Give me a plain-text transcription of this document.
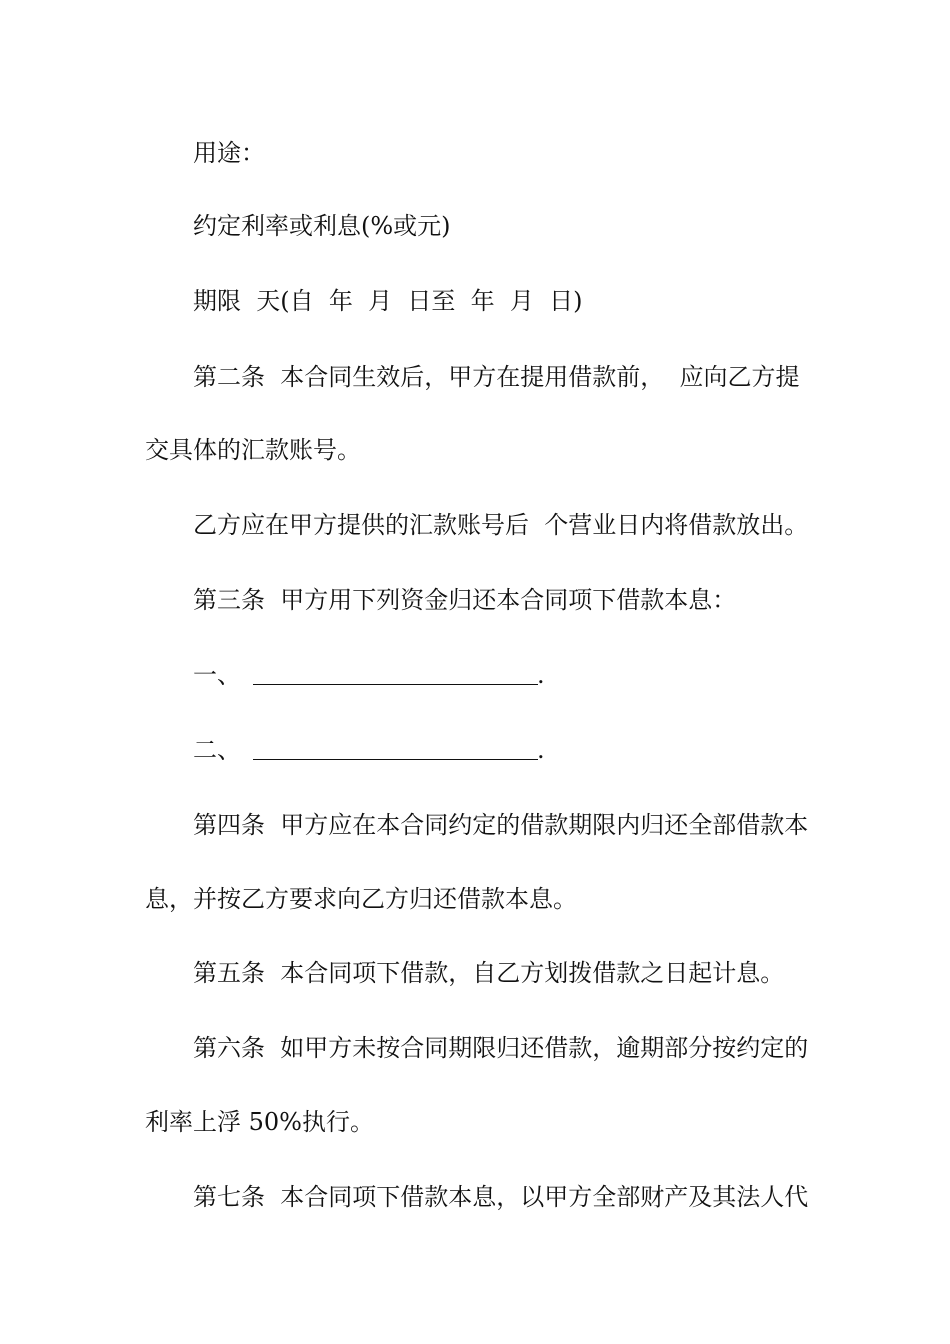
用途：
约定利率或利息(%或元)
期限  天(自  年  月  日至  年  月  日)
第二条  本合同生效后，甲方在提用借款前，  应向乙方提
交具体的汇款账号。
乙方应在甲方提供的汇款账号后  个营业日内将借款放出。
第三条  甲方用下列资金归还本合同项下借款本息：
一、	.
二、	.
第四条  甲方应在本合同约定的借款期限内归还全部借款本
息，并按乙方要求向乙方归还借款本息。
第五条  本合同项下借款，自乙方划拨借款之日起计息。
第六条  如甲方未按合同期限归还借款，逾期部分按约定的
利率上浮 50%执行。
第七条  本合同项下借款本息，以甲方全部财产及其法人代
